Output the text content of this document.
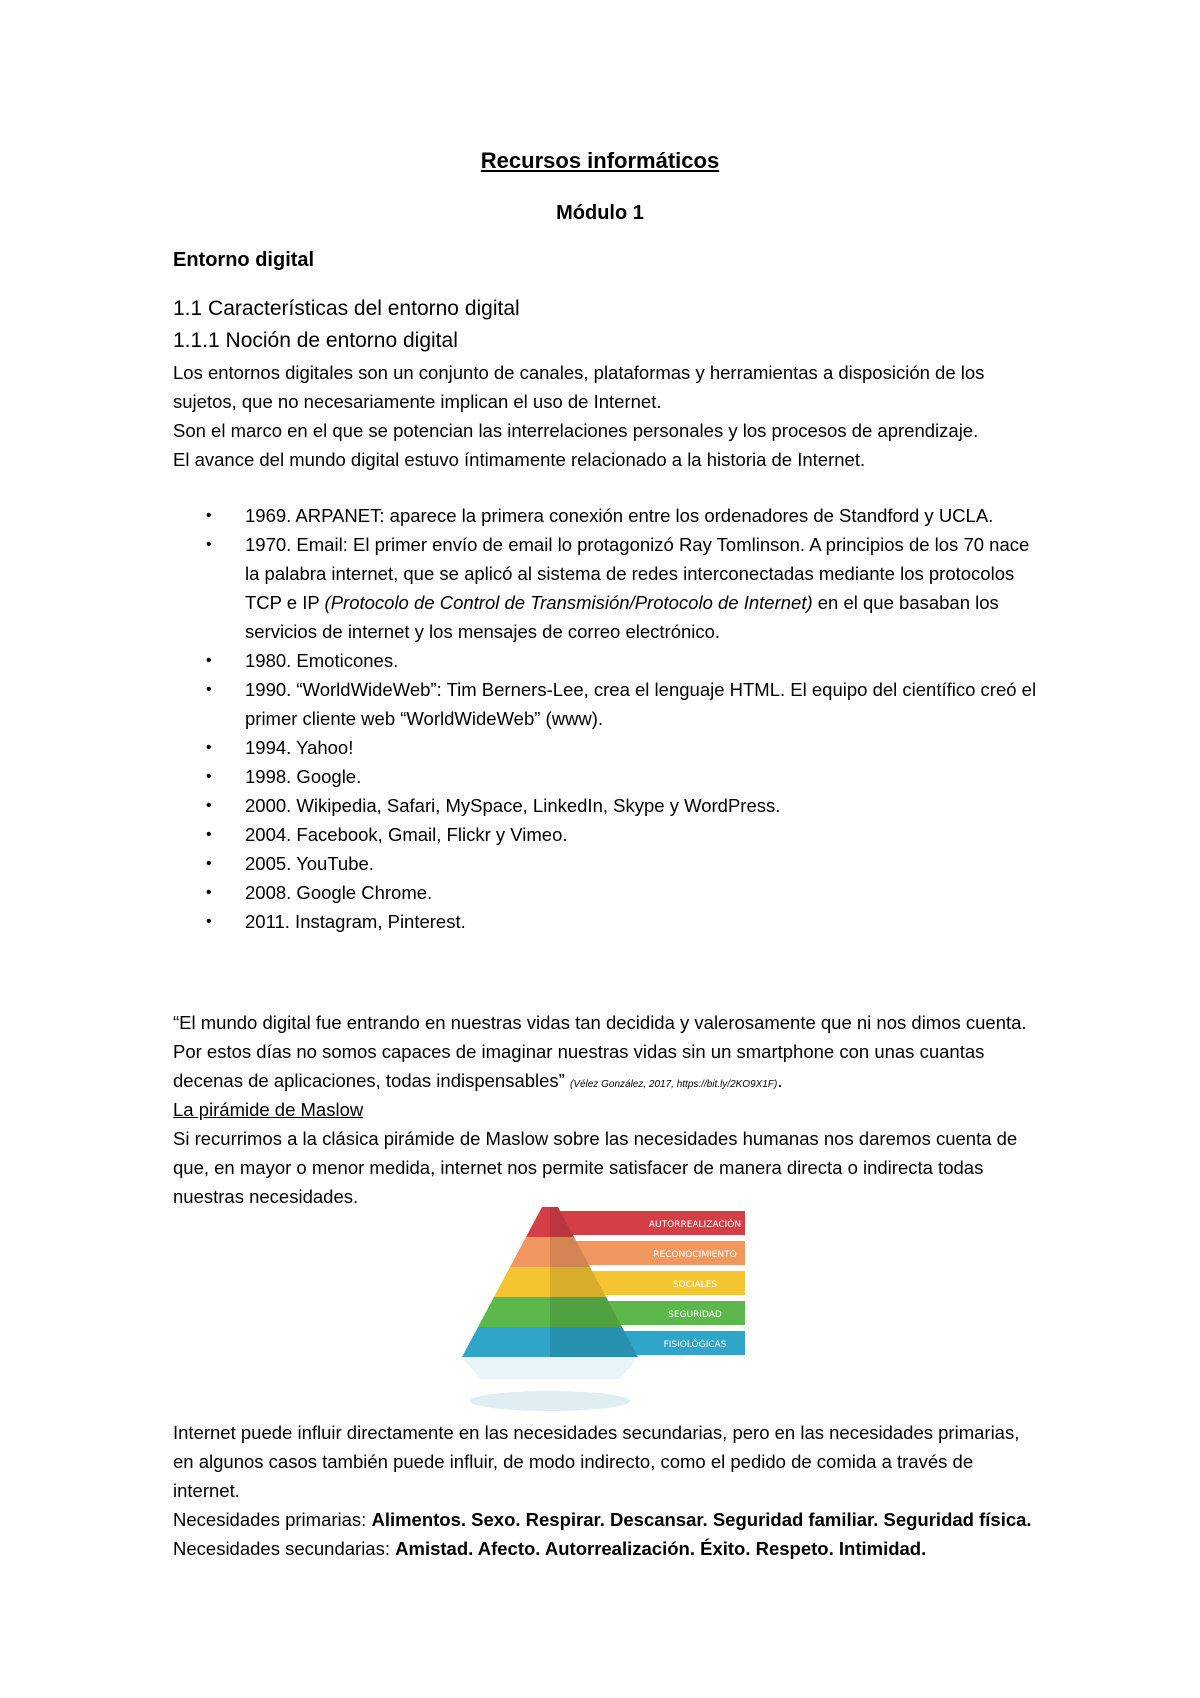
Recursos informáticos
Módulo 1
Entorno digital
1.1 Características del entorno digital
1.1.1 Noción de entorno digital
Los entornos digitales son un conjunto de canales, plataformas y herramientas a disposición de los sujetos, que no necesariamente implican el uso de Internet.
Son el marco en el que se potencian las interrelaciones personales y los procesos de aprendizaje.
El avance del mundo digital estuvo íntimamente relacionado a la historia de Internet.
• 1969. ARPANET: aparece la primera conexión entre los ordenadores de Standford y UCLA.
• 1970. Email: El primer envío de email lo protagonizó Ray Tomlinson. A principios de los 70 nace la palabra internet, que se aplicó al sistema de redes interconectadas mediante los protocolos TCP e IP (Protocolo de Control de Transmisión/Protocolo de Internet) en el que basaban los servicios de internet y los mensajes de correo electrónico.
• 1980. Emoticones.
• 1990. “WorldWideWeb”: Tim Berners-Lee, crea el lenguaje HTML. El equipo del científico creó el primer cliente web “WorldWideWeb” (www).
• 1994. Yahoo!
• 1998. Google.
• 2000. Wikipedia, Safari, MySpace, LinkedIn, Skype y WordPress.
• 2004. Facebook, Gmail, Flickr y Vimeo.
• 2005. YouTube.
• 2008. Google Chrome.
• 2011. Instagram, Pinterest.
“El mundo digital fue entrando en nuestras vidas tan decidida y valerosamente que ni nos dimos cuenta. Por estos días no somos capaces de imaginar nuestras vidas sin un smartphone con unas cuantas decenas de aplicaciones, todas indispensables” (Vélez González, 2017, https://bit.ly/2KO9X1F).
La pirámide de Maslow
Si recurrimos a la clásica pirámide de Maslow sobre las necesidades humanas nos daremos cuenta de que, en mayor o menor medida, internet nos permite satisfacer de manera directa o indirecta todas nuestras necesidades.
AUTORREALIZACIÓN
RECONOCIMIENTO
SOCIALES
SEGURIDAD
FISIOLÓGICAS
Internet puede influir directamente en las necesidades secundarias, pero en las necesidades primarias, en algunos casos también puede influir, de modo indirecto, como el pedido de comida a través de internet.
Necesidades primarias: Alimentos. Sexo. Respirar. Descansar. Seguridad familiar. Seguridad física.
Necesidades secundarias: Amistad. Afecto. Autorrealización. Éxito. Respeto. Intimidad.
